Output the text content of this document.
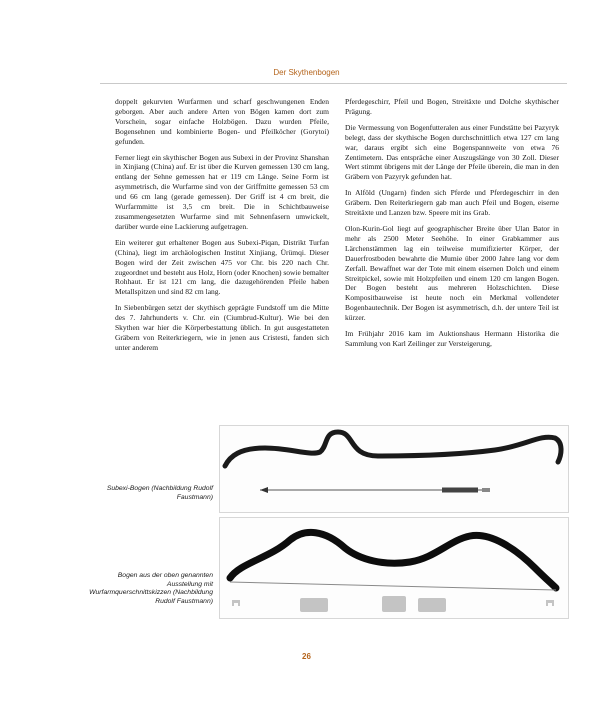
Der Skythenbogen

doppelt gekurvten Wurfarmen und scharf geschwungenen Enden geborgen. Aber auch andere Arten von Bögen kamen dort zum Vorschein, sogar einfache Holzbögen. Dazu wurden Pfeile, Bogensehnen und kombinierte Bogen- und Pfeilköcher (Gorytoi) gefunden.

Ferner liegt ein skythischer Bogen aus Subexi in der Provinz Shanshan in Xinjiang (China) auf. Er ist über die Kurven gemessen 130 cm lang, entlang der Sehne gemessen hat er 119 cm Länge. Seine Form ist asymmetrisch, die Wurfarme sind von der Griffmitte gemessen 53 cm und 66 cm lang (gerade gemessen). Der Griff ist 4 cm breit, die Wurfarmmitte ist 3,5 cm breit. Die in Schichtbauweise zusammengesetzten Wurfarme sind mit Sehnenfasern umwickelt, darüber wurde eine Lackierung aufgetragen.

Ein weiterer gut erhaltener Bogen aus Subexi-Piqan, Distrikt Turfan (China), liegt im archäologischen Institut Xinjiang, Ürümqi. Dieser Bogen wird der Zeit zwischen 475 vor Chr. bis 220 nach Chr. zugeordnet und besteht aus Holz, Horn (oder Knochen) sowie bemalter Rohhaut. Er ist 121 cm lang, die dazugehörenden Pfeile haben Metallspitzen und sind 82 cm lang.

In Siebenbürgen setzt der skythisch geprägte Fundstoff um die Mitte des 7. Jahrhunderts v. Chr. ein (Ciumbrud-Kultur). Wie bei den Skythen war hier die Körperbestattung üblich. In gut ausgestatteten Gräbern von Reiterkriegern, wie in jenen aus Cristesti, fanden sich unter anderem

Pferdegeschirr, Pfeil und Bogen, Streitäxte und Dolche skythischer Prägung.

Die Vermessung von Bogenfutteralen aus einer Fundstätte bei Pazyryk belegt, dass der skythische Bogen durchschnittlich etwa 127 cm lang war, daraus ergibt sich eine Bogenspannweite von etwa 76 Zentimetern. Das entspräche einer Auszugslänge von 30 Zoll. Dieser Wert stimmt übrigens mit der Länge der Pfeile überein, die man in den Gräbern von Pazyryk gefunden hat.

In Alföld (Ungarn) finden sich Pferde und Pferdegeschirr in den Gräbern. Den Reiterkriegern gab man auch Pfeil und Bogen, eiserne Streitäxte und Lanzen bzw. Speere mit ins Grab.

Olon-Kurin-Gol liegt auf geographischer Breite über Ulan Bator in mehr als 2500 Meter Seehöhe. In einer Grabkammer aus Lärchenstämmen lag ein teilweise mumifizierter Körper, der Dauerfrostboden bewahrte die Mumie über 2000 Jahre lang vor dem Zerfall. Bewaffnet war der Tote mit einem eisernen Dolch und einem Streitpickel, sowie mit Holzpfeilen und einem 120 cm langen Bogen. Der Bogen besteht aus mehreren Holzschichten. Diese Kompositbauweise ist heute noch ein Merkmal vollendeter Bogenbautechnik. Der Bogen ist asymmetrisch, d.h. der untere Teil ist kürzer.

Im Frühjahr 2016 kam im Auktionshaus Hermann Historika die Sammlung von Karl Zeilinger zur Versteigerung,

Subexi-Bogen (Nachbildung Rudolf Faustmann)
Bogen aus der oben genannten Ausstellung mit Wurfarmquerschnittskizzen (Nachbildung Rudolf Faustmann)
26
